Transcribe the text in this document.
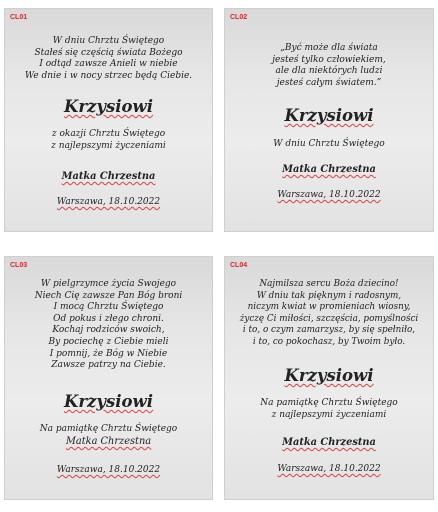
CL01
W dniu Chrztu Świętego
Stałeś się częścią świata Bożego
I odtąd zawsze Anieli w niebie
We dnie i w nocy strzec będą Ciebie.
Krzysiowi
z okazji Chrztu Świętego
z najlepszymi życzeniami
Matka Chrzestna
Warszawa, 18.10.2022
CL02
„Być może dla świata
jesteś tylko człowiekiem,
ale dla niektórych ludzi
jesteś całym światem.”
Krzysiowi
W dniu Chrztu Świętego
Matka Chrzestna
Warszawa, 18.10.2022
CL03
W pielgrzymce życia Swojego
Niech Cię zawsze Pan Bóg broni
I mocą Chrztu Świętego
Od pokus i złego chroni.
Kochaj rodziców swoich,
By pociechę z Ciebie mieli
I pomnij, że Bóg w Niebie
Zawsze patrzy na Ciebie.
Krzysiowi
Na pamiątkę Chrztu Świętego
Matka Chrzestna
Warszawa, 18.10.2022
CL04
Najmilsza sercu Boża dziecino!
W dniu tak pięknym i radosnym,
niczym kwiat w promieniach wiosny,
życzę Ci miłości, szczęścia, pomyślności
i to, o czym zamarzysz, by się spełniło,
i to, co pokochasz, by Twoim było.
Krzysiowi
Na pamiątkę Chrztu Świętego
z najlepszymi życzeniami
Matka Chrzestna
Warszawa, 18.10.2022
